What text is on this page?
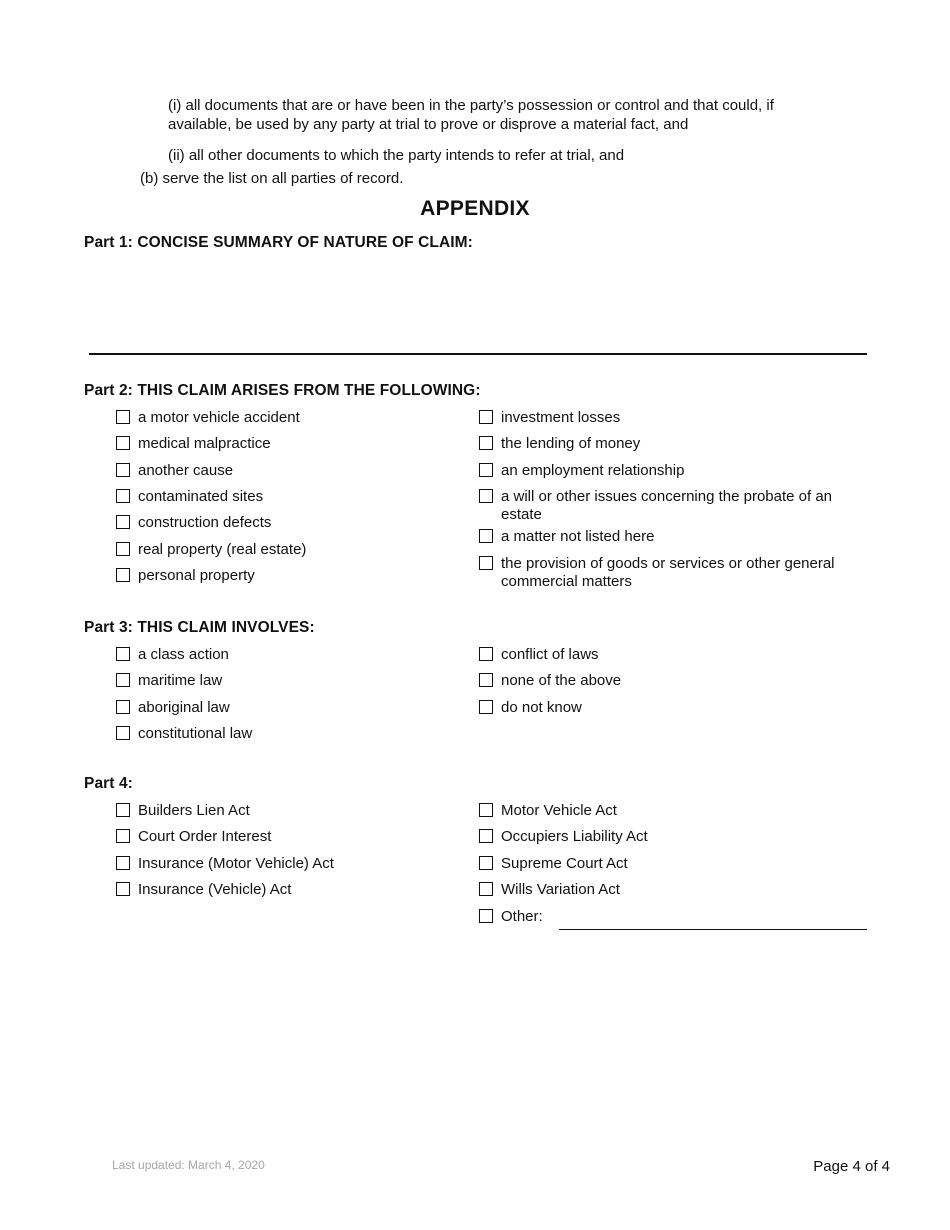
(i) all documents that are or have been in the party’s possession or control and that could, if available, be used by any party at trial to prove or disprove a material fact, and
(ii) all other documents to which the party intends to refer at trial, and
(b) serve the list on all parties of record.
APPENDIX
Part 1: CONCISE SUMMARY OF NATURE OF CLAIM:
Part 2: THIS CLAIM ARISES FROM THE FOLLOWING:
a motor vehicle accident
medical malpractice
another cause
contaminated sites
construction defects
real property (real estate)
personal property
investment losses
the lending of money
an employment relationship
a will or other issues concerning the probate of an estate
a matter not listed here
the provision of goods or services or other general commercial matters
Part 3: THIS CLAIM INVOLVES:
a class action
maritime law
aboriginal law
constitutional law
conflict of laws
none of the above
do not know
Part 4:
Builders Lien Act
Court Order Interest
Insurance (Motor Vehicle) Act
Insurance (Vehicle) Act
Motor Vehicle Act
Occupiers Liability Act
Supreme Court Act
Wills Variation Act
Other:
Last updated: March 4, 2020	Page 4 of 4
